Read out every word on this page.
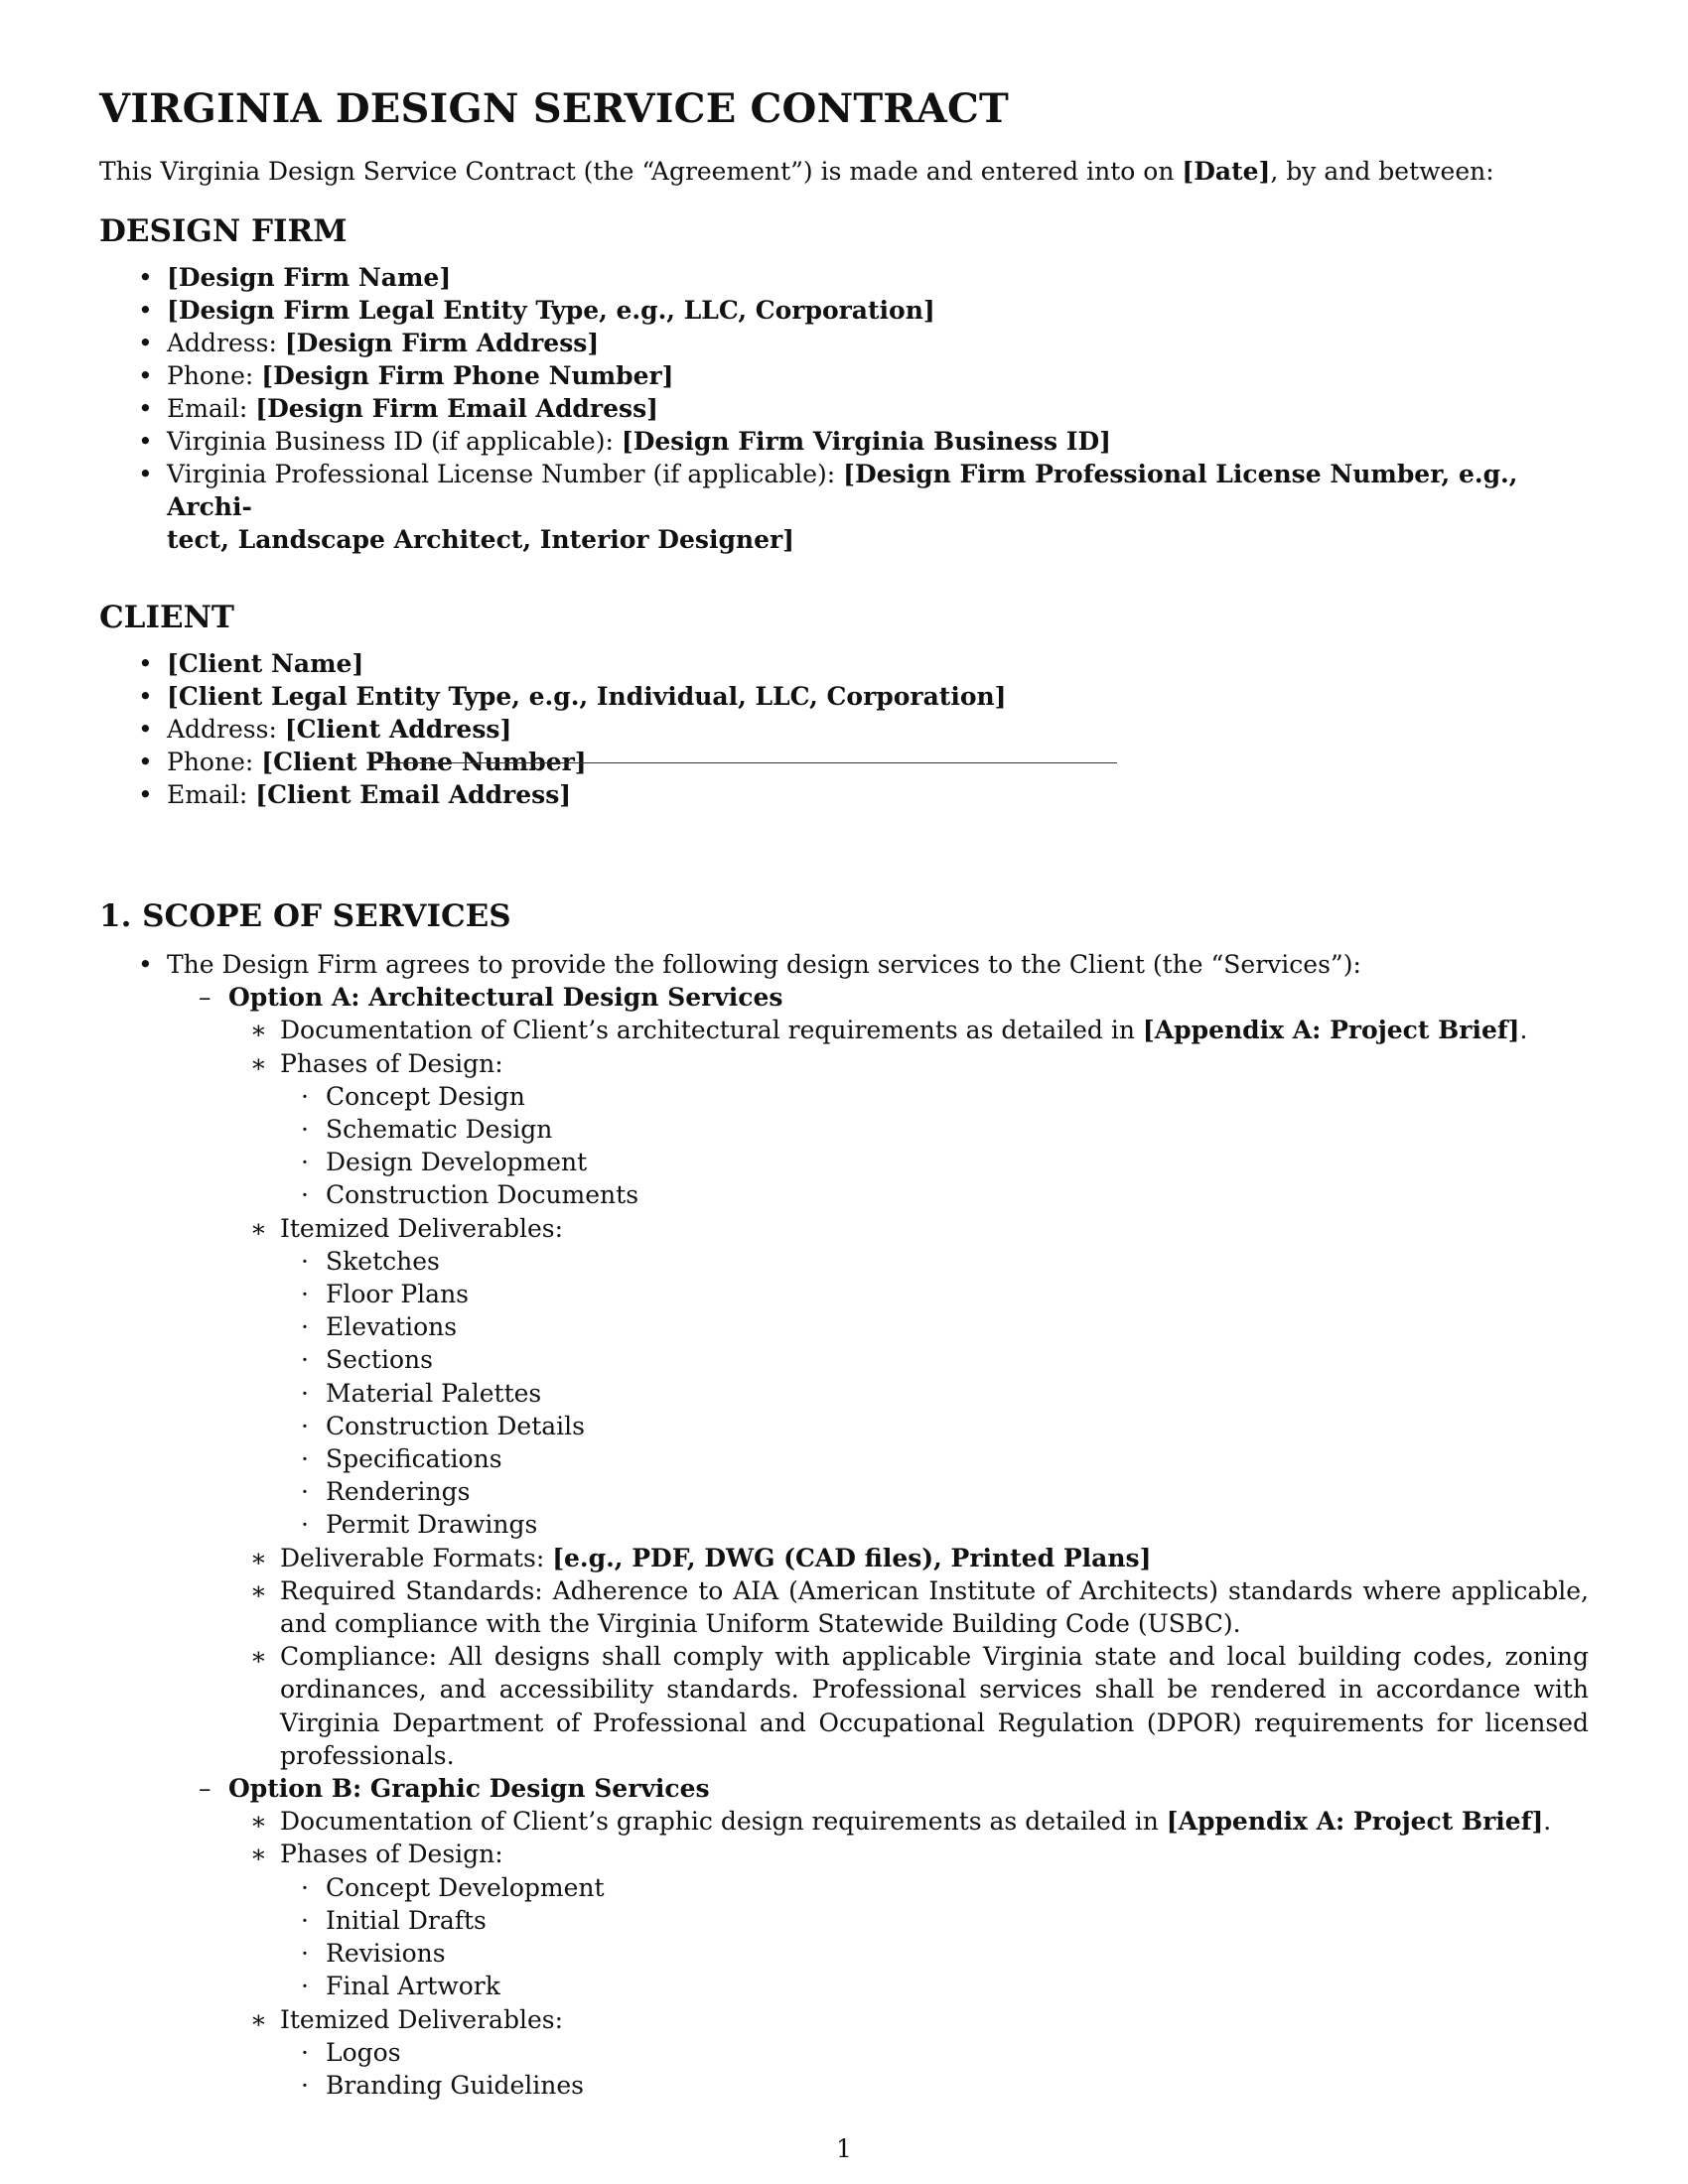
VIRGINIA DESIGN SERVICE CONTRACT

This Virginia Design Service Contract (the “Agreement”) is made and entered into on [Date], by and between:

DESIGN FIRM
• [Design Firm Name]
• [Design Firm Legal Entity Type, e.g., LLC, Corporation]
• Address: [Design Firm Address]
• Phone: [Design Firm Phone Number]
• Email: [Design Firm Email Address]
• Virginia Business ID (if applicable): [Design Firm Virginia Business ID]
• Virginia Professional License Number (if applicable): [Design Firm Professional License Number, e.g., Archi-
tect, Landscape Architect, Interior Designer]
CLIENT
• [Client Name]
• [Client Legal Entity Type, e.g., Individual, LLC, Corporation]
• Address: [Client Address]
• Phone: [Client Phone Number]
• Email: [Client Email Address]
1. SCOPE OF SERVICES
• The Design Firm agrees to provide the following design services to the Client (the “Services”):
– Option A: Architectural Design Services
∗ Documentation of Client’s architectural requirements as detailed in [Appendix A: Project Brief].
∗ Phases of Design:
· Concept Design
· Schematic Design
· Design Development
· Construction Documents
∗ Itemized Deliverables:
· Sketches
· Floor Plans
· Elevations
· Sections
· Material Palettes
· Construction Details
· Specifications
· Renderings
· Permit Drawings
∗ Deliverable Formats: [e.g., PDF, DWG (CAD files), Printed Plans]
∗ Required Standards: Adherence to AIA (American Institute of Architects) standards where applicable, and compliance with the Virginia Uniform Statewide Building Code (USBC).
∗ Compliance: All designs shall comply with applicable Virginia state and local building codes, zoning ordinances, and accessibility standards. Professional services shall be rendered in accordance with Virginia Department of Professional and Occupational Regulation (DPOR) requirements for licensed professionals.
– Option B: Graphic Design Services
∗ Documentation of Client’s graphic design requirements as detailed in [Appendix A: Project Brief].
∗ Phases of Design:
· Concept Development
· Initial Drafts
· Revisions
· Final Artwork
∗ Itemized Deliverables:
· Logos
· Branding Guidelines
1
